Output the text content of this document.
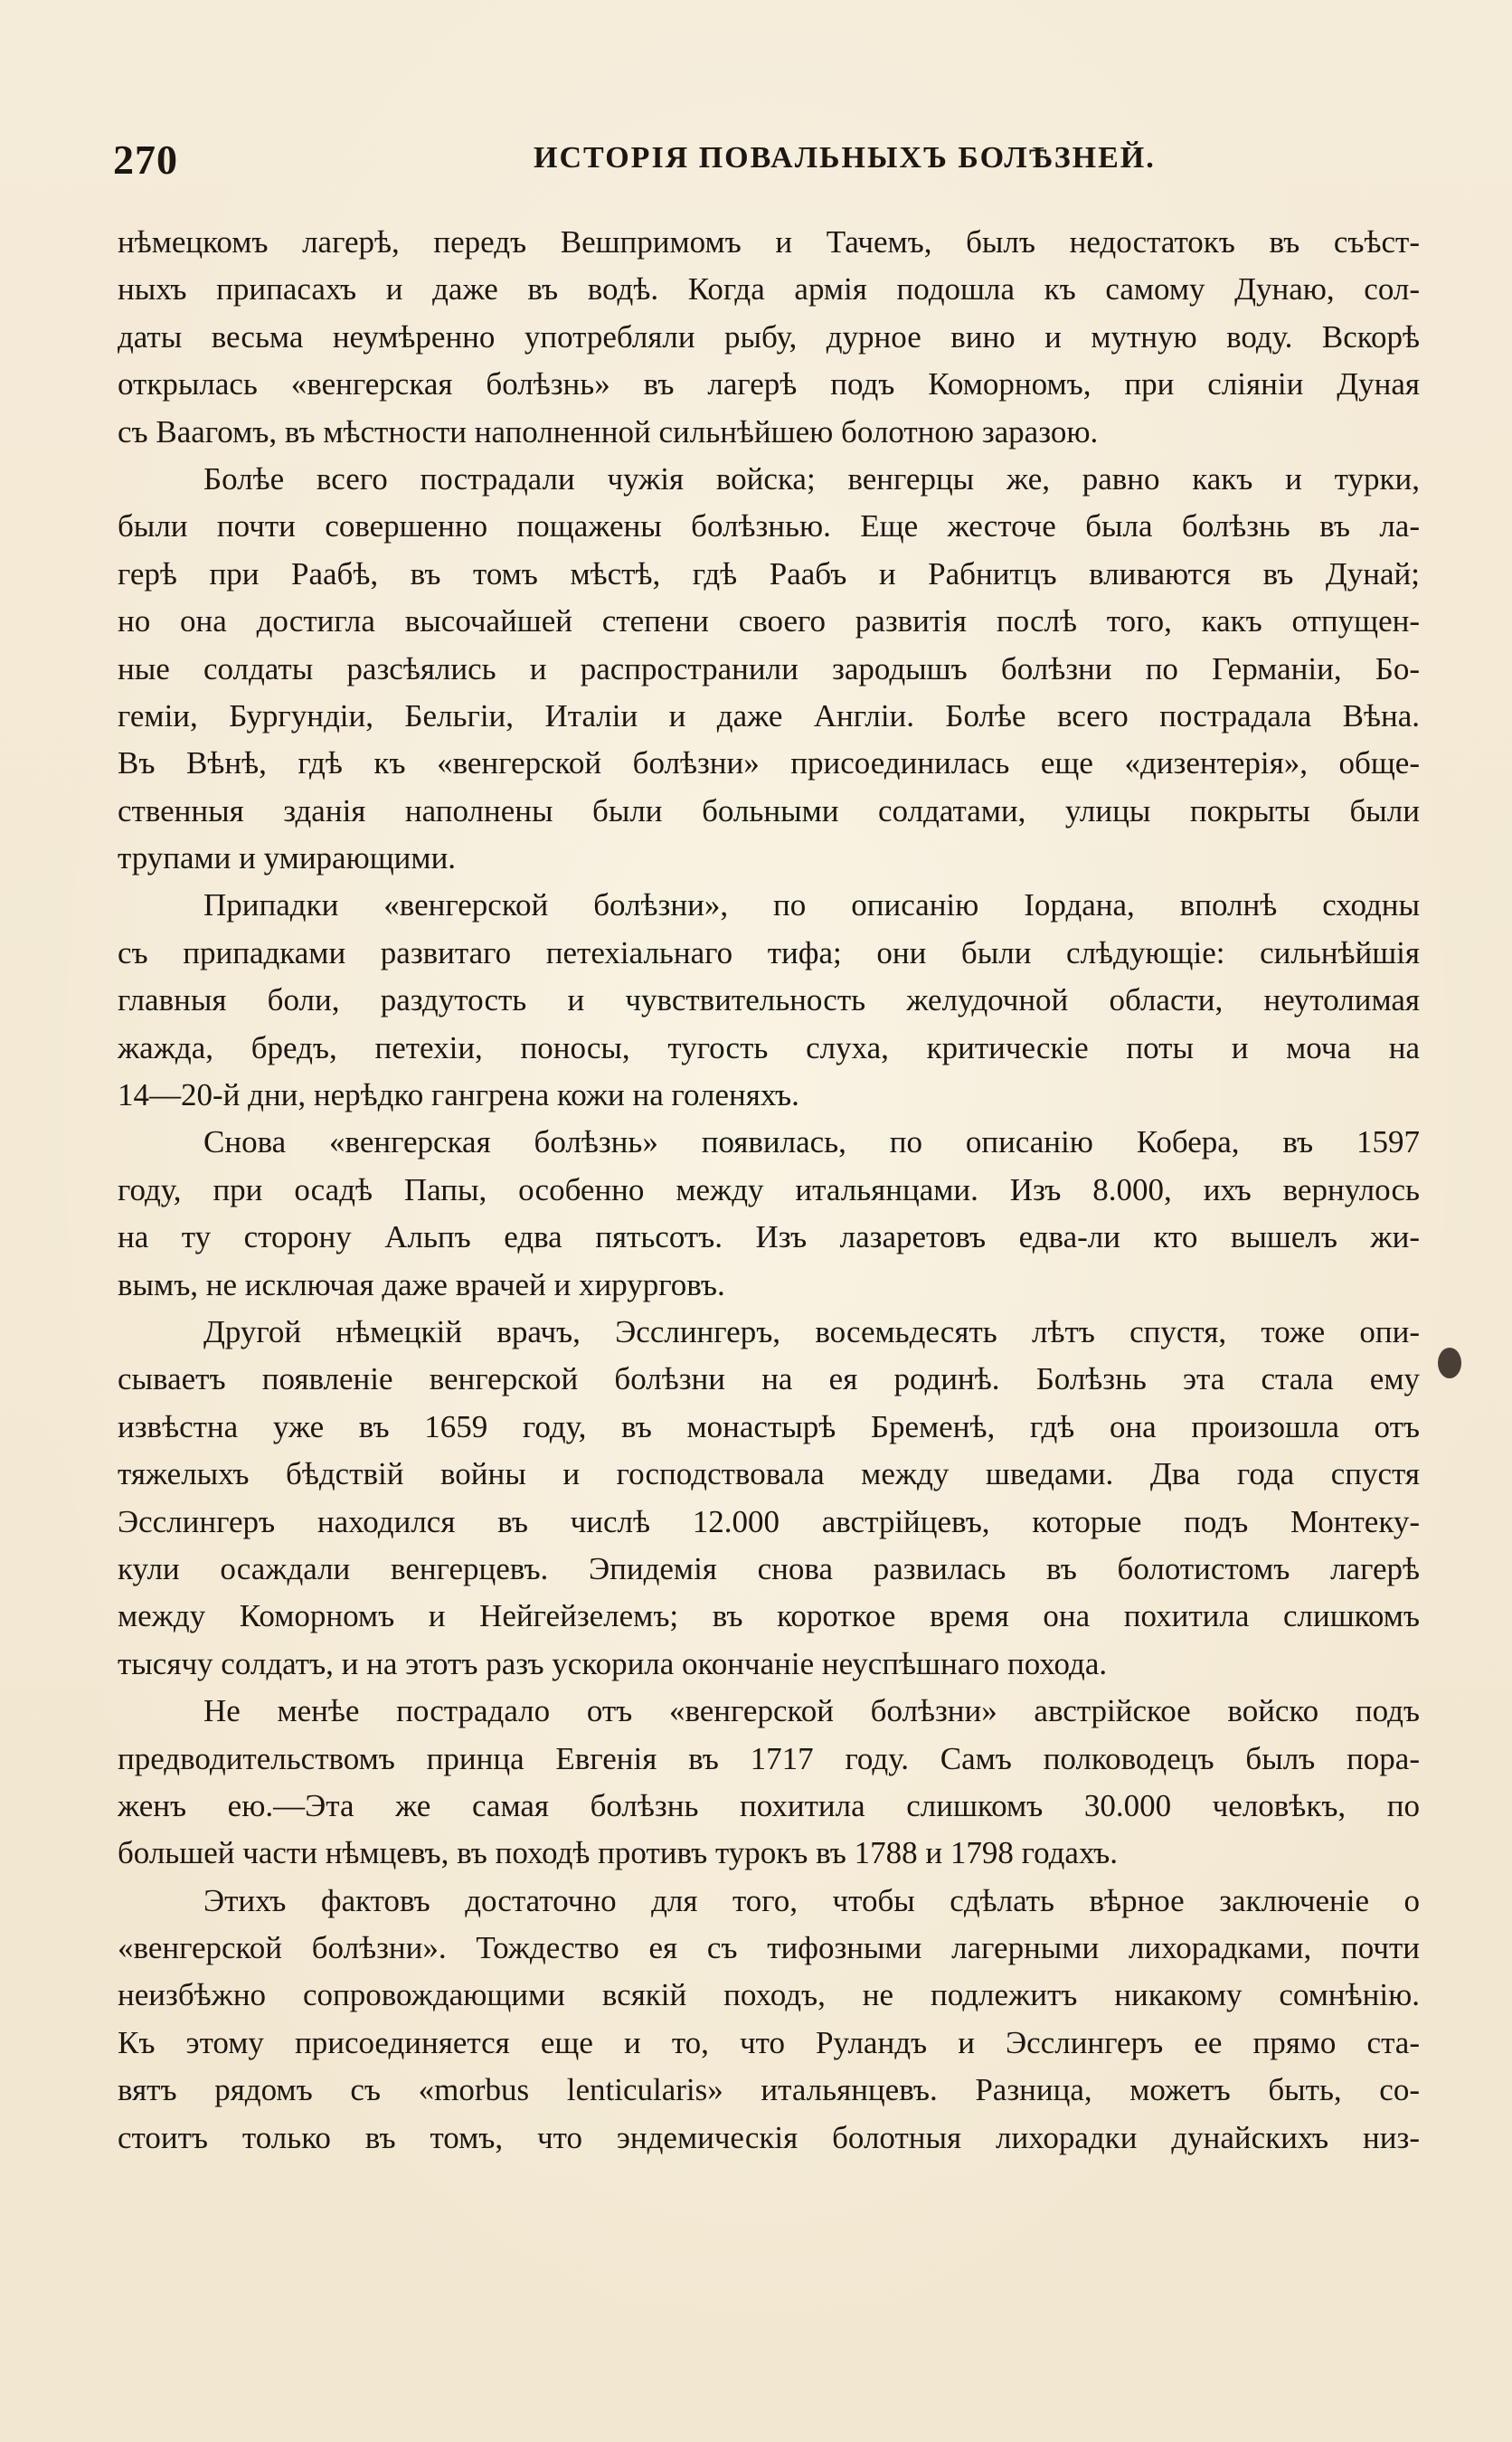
270	ИСТОРІЯ ПОВАЛЬНЫХЪ БОЛѢЗНЕЙ.
нѣмецкомъ лагерѣ, передъ Вешпримомъ и Тачемъ, былъ недостатокъ въ съѣст-
ныхъ припасахъ и даже въ водѣ. Когда армія подошла къ самому Дунаю, сол-
даты весьма неумѣренно употребляли рыбу, дурное вино и мутную воду. Вскорѣ
открылась «венгерская болѣзнь» въ лагерѣ подъ Коморномъ, при сліяніи Дуная
съ Ваагомъ, въ мѣстности наполненной сильнѣйшею болотною заразою.
Болѣе всего пострадали чужія войска; венгерцы же, равно какъ и турки,
были почти совершенно пощажены болѣзнью. Еще жесточе была болѣзнь въ ла-
герѣ при Раабѣ, въ томъ мѣстѣ, гдѣ Раабъ и Рабнитцъ вливаются въ Дунай;
но она достигла высочайшей степени своего развитія послѣ того, какъ отпущен-
ные солдаты разсѣялись и распространили зародышъ болѣзни по Германіи, Бо-
геміи, Бургундіи, Бельгіи, Италіи и даже Англіи. Болѣе всего пострадала Вѣна.
Въ Вѣнѣ, гдѣ къ «венгерской болѣзни» присоединилась еще «дизентерія», обще-
ственныя зданія наполнены были больными солдатами, улицы покрыты были
трупами и умирающими.
Припадки «венгерской болѣзни», по описанію Іордана, вполнѣ сходны
съ припадками развитаго петехіальнаго тифа; они были слѣдующіе: сильнѣйшія
главныя боли, раздутость и чувствительность желудочной области, неутолимая
жажда, бредъ, петехіи, поносы, тугость слуха, критическіе поты и моча на
14—20-й дни, нерѣдко гангрена кожи на голеняхъ.
Снова «венгерская болѣзнь» появилась, по описанію Кобера, въ 1597
году, при осадѣ Папы, особенно между итальянцами. Изъ 8.000, ихъ вернулось
на ту сторону Альпъ едва пятьсотъ. Изъ лазаретовъ едва-ли кто вышелъ жи-
вымъ, не исключая даже врачей и хирурговъ.
Другой нѣмецкій врачъ, Эсслингеръ, восемьдесять лѣтъ спустя, тоже опи-
сываетъ появленіе венгерской болѣзни на ея родинѣ. Болѣзнь эта стала ему
извѣстна уже въ 1659 году, въ монастырѣ Бременѣ, гдѣ она произошла отъ
тяжелыхъ бѣдствій войны и господствовала между шведами. Два года спустя
Эсслингеръ находился въ числѣ 12.000 австрійцевъ, которые подъ Монтеку-
кули осаждали венгерцевъ. Эпидемія снова развилась въ болотистомъ лагерѣ
между Коморномъ и Нейгейзелемъ; въ короткое время она похитила слишкомъ
тысячу солдатъ, и на этотъ разъ ускорила окончаніе неуспѣшнаго похода.
Не менѣе пострадало отъ «венгерской болѣзни» австрійское войско подъ
предводительствомъ принца Евгенія въ 1717 году. Самъ полководецъ былъ пора-
женъ ею.—Эта же самая болѣзнь похитила слишкомъ 30.000 человѣкъ, по
большей части нѣмцевъ, въ походѣ противъ турокъ въ 1788 и 1798 годахъ.
Этихъ фактовъ достаточно для того, чтобы сдѣлать вѣрное заключеніе о
«венгерской болѣзни». Тождество ея съ тифозными лагерными лихорадками, почти
неизбѣжно сопровождающими всякій походъ, не подлежитъ никакому сомнѣнію.
Къ этому присоединяется еще и то, что Руландъ и Эсслингеръ ее прямо ста-
вятъ рядомъ съ «morbus lenticularis» итальянцевъ. Разница, можетъ быть, со-
стоитъ только въ томъ, что эндемическія болотныя лихорадки дунайскихъ низ-
